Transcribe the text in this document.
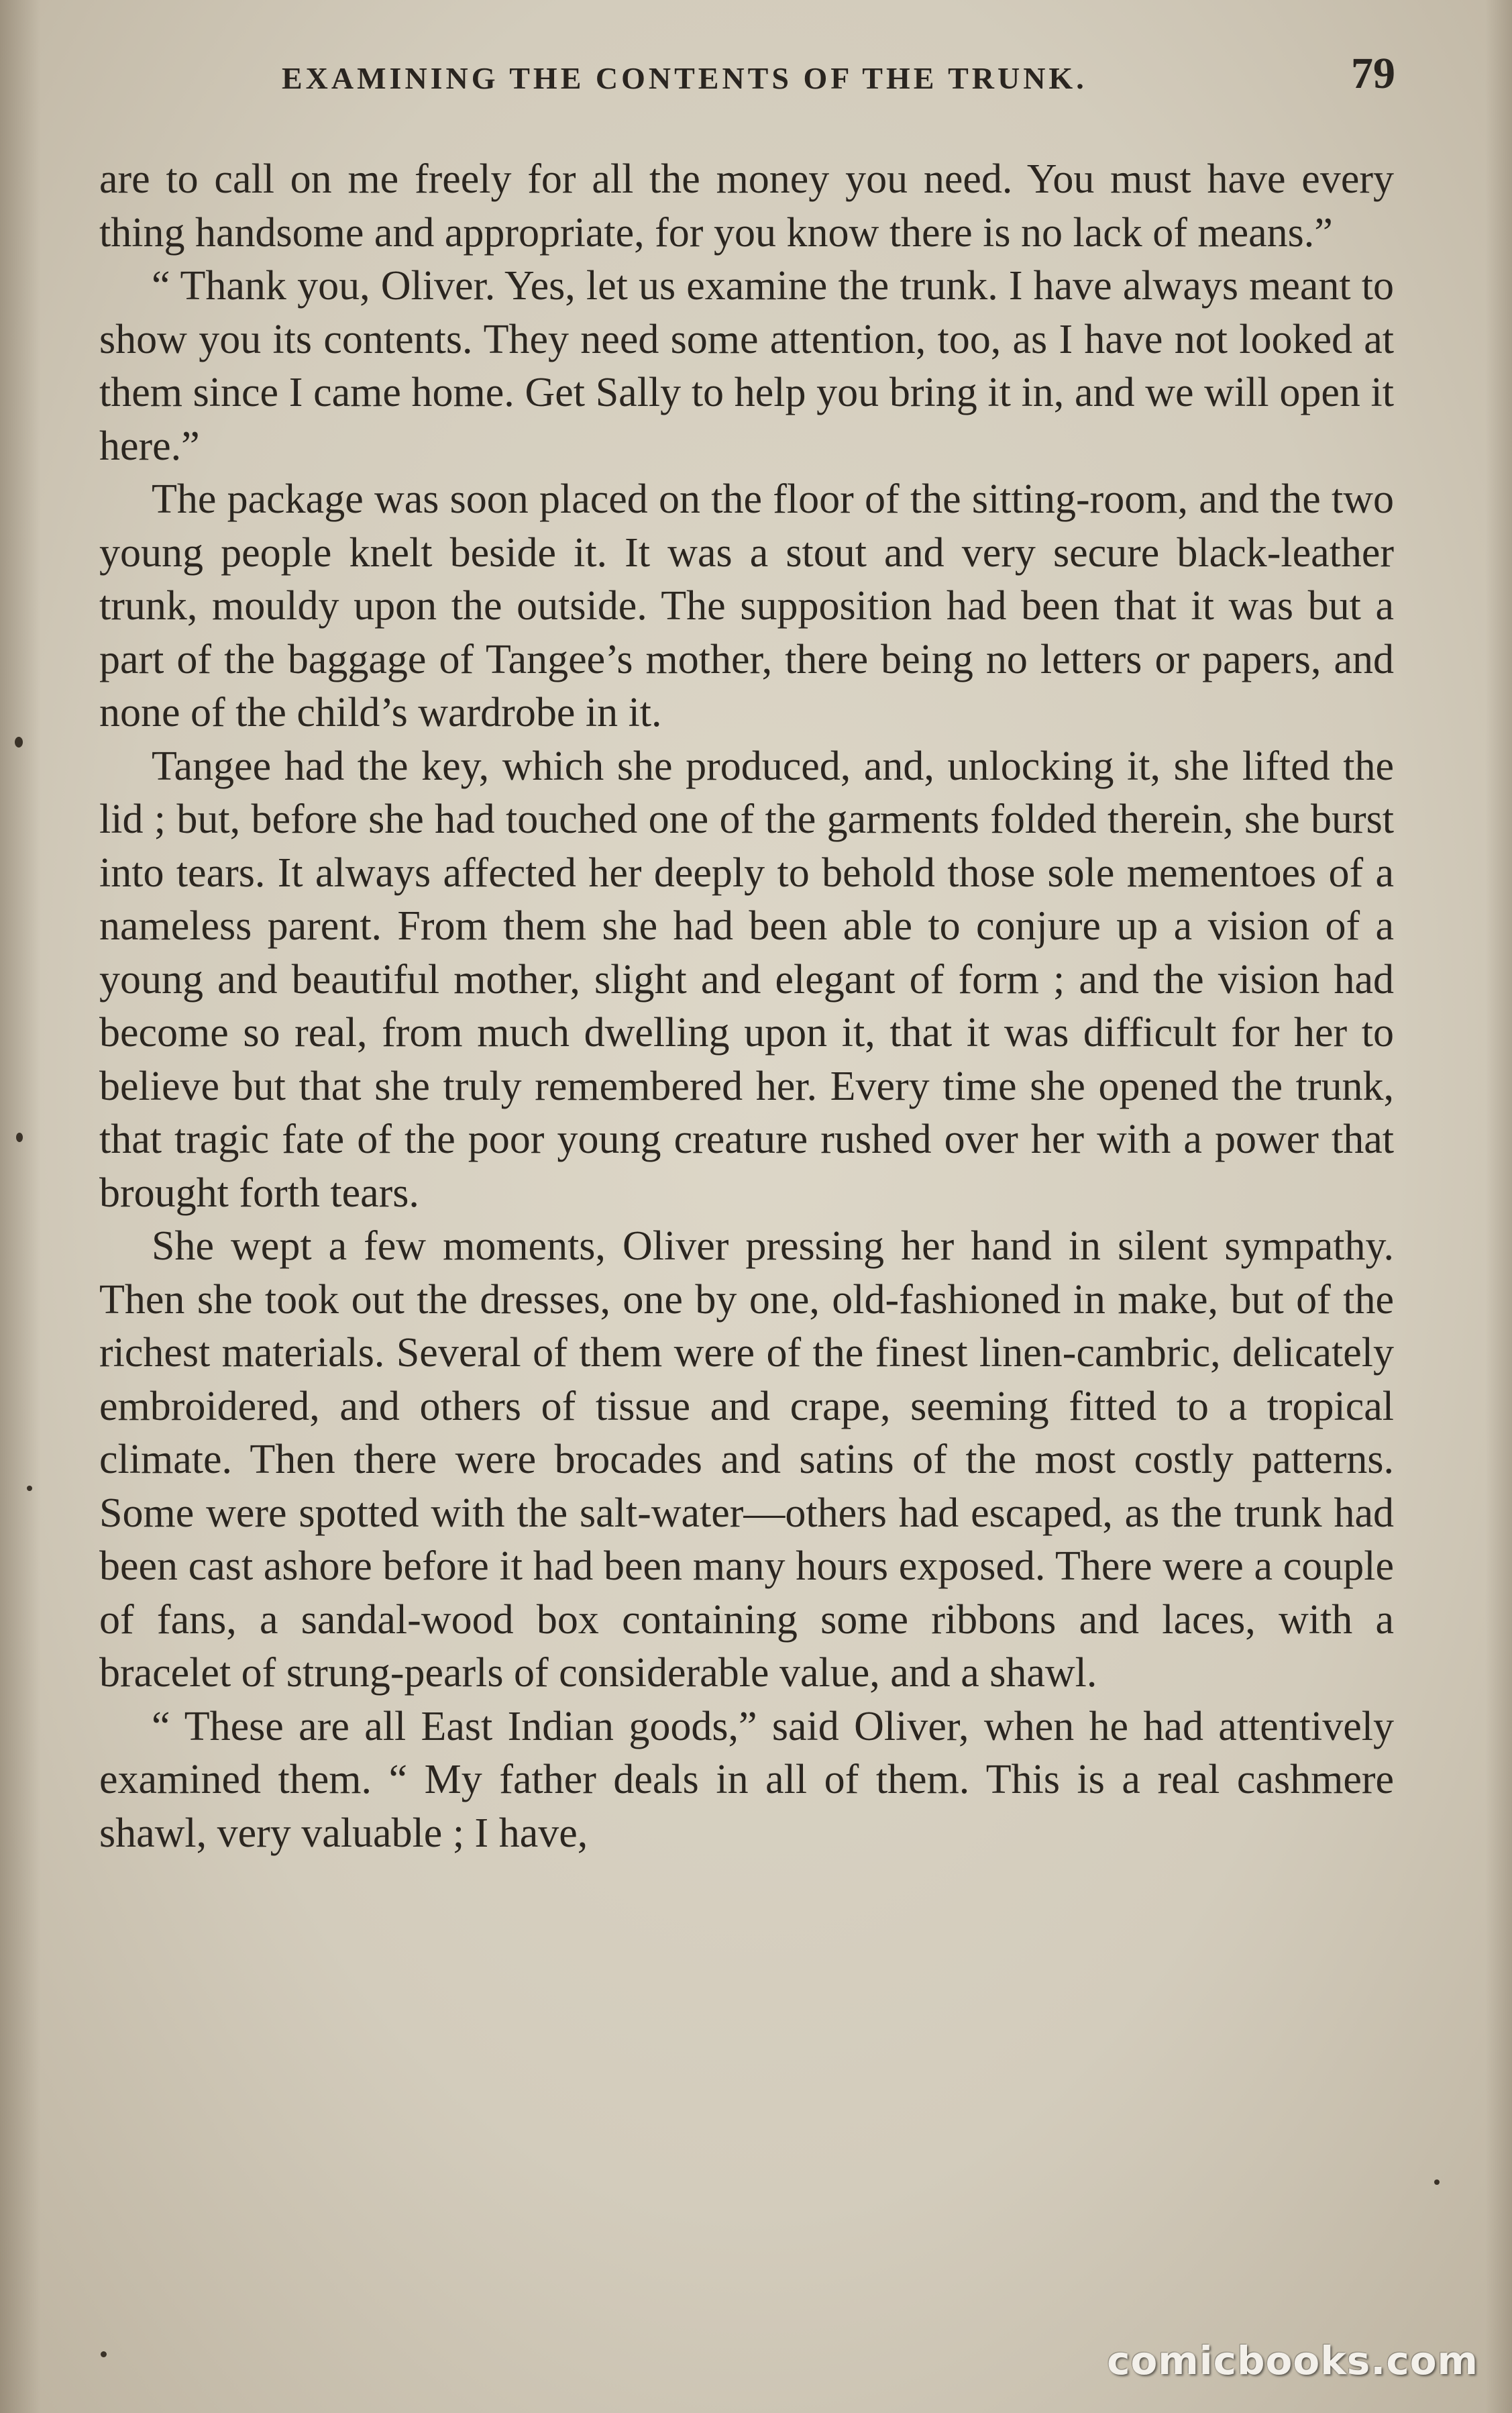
EXAMINING THE CONTENTS OF THE TRUNK.	79

are to call on me freely for all the money you need. You must have every thing handsome and appropriate, for you know there is no lack of means.”

“ Thank you, Oliver. Yes, let us examine the trunk. I have always meant to show you its contents. They need some attention, too, as I have not looked at them since I came home. Get Sally to help you bring it in, and we will open it here.”

The package was soon placed on the floor of the sitting-room, and the two young people knelt beside it. It was a stout and very secure black-leather trunk, mouldy upon the outside. The supposition had been that it was but a part of the baggage of Tangee’s mother, there being no letters or papers, and none of the child’s wardrobe in it.

Tangee had the key, which she produced, and, unlocking it, she lifted the lid ; but, before she had touched one of the garments folded therein, she burst into tears. It always affected her deeply to behold those sole mementoes of a nameless parent. From them she had been able to conjure up a vision of a young and beautiful mother, slight and elegant of form ; and the vision had become so real, from much dwelling upon it, that it was difficult for her to believe but that she truly remembered her. Every time she opened the trunk, that tragic fate of the poor young creature rushed over her with a power that brought forth tears.

She wept a few moments, Oliver pressing her hand in silent sympathy. Then she took out the dresses, one by one, old-fashioned in make, but of the richest materials. Several of them were of the finest linen-cambric, delicately embroidered, and others of tissue and crape, seeming fitted to a tropical climate. Then there were brocades and satins of the most costly patterns. Some were spotted with the salt-water—others had escaped, as the trunk had been cast ashore before it had been many hours exposed. There were a couple of fans, a sandal-wood box containing some ribbons and laces, with a bracelet of strung-pearls of considerable value, and a shawl.

“ These are all East Indian goods,” said Oliver, when he had attentively examined them. “ My father deals in all of them. This is a real cashmere shawl, very valuable ; I have,

comicbooks.com
